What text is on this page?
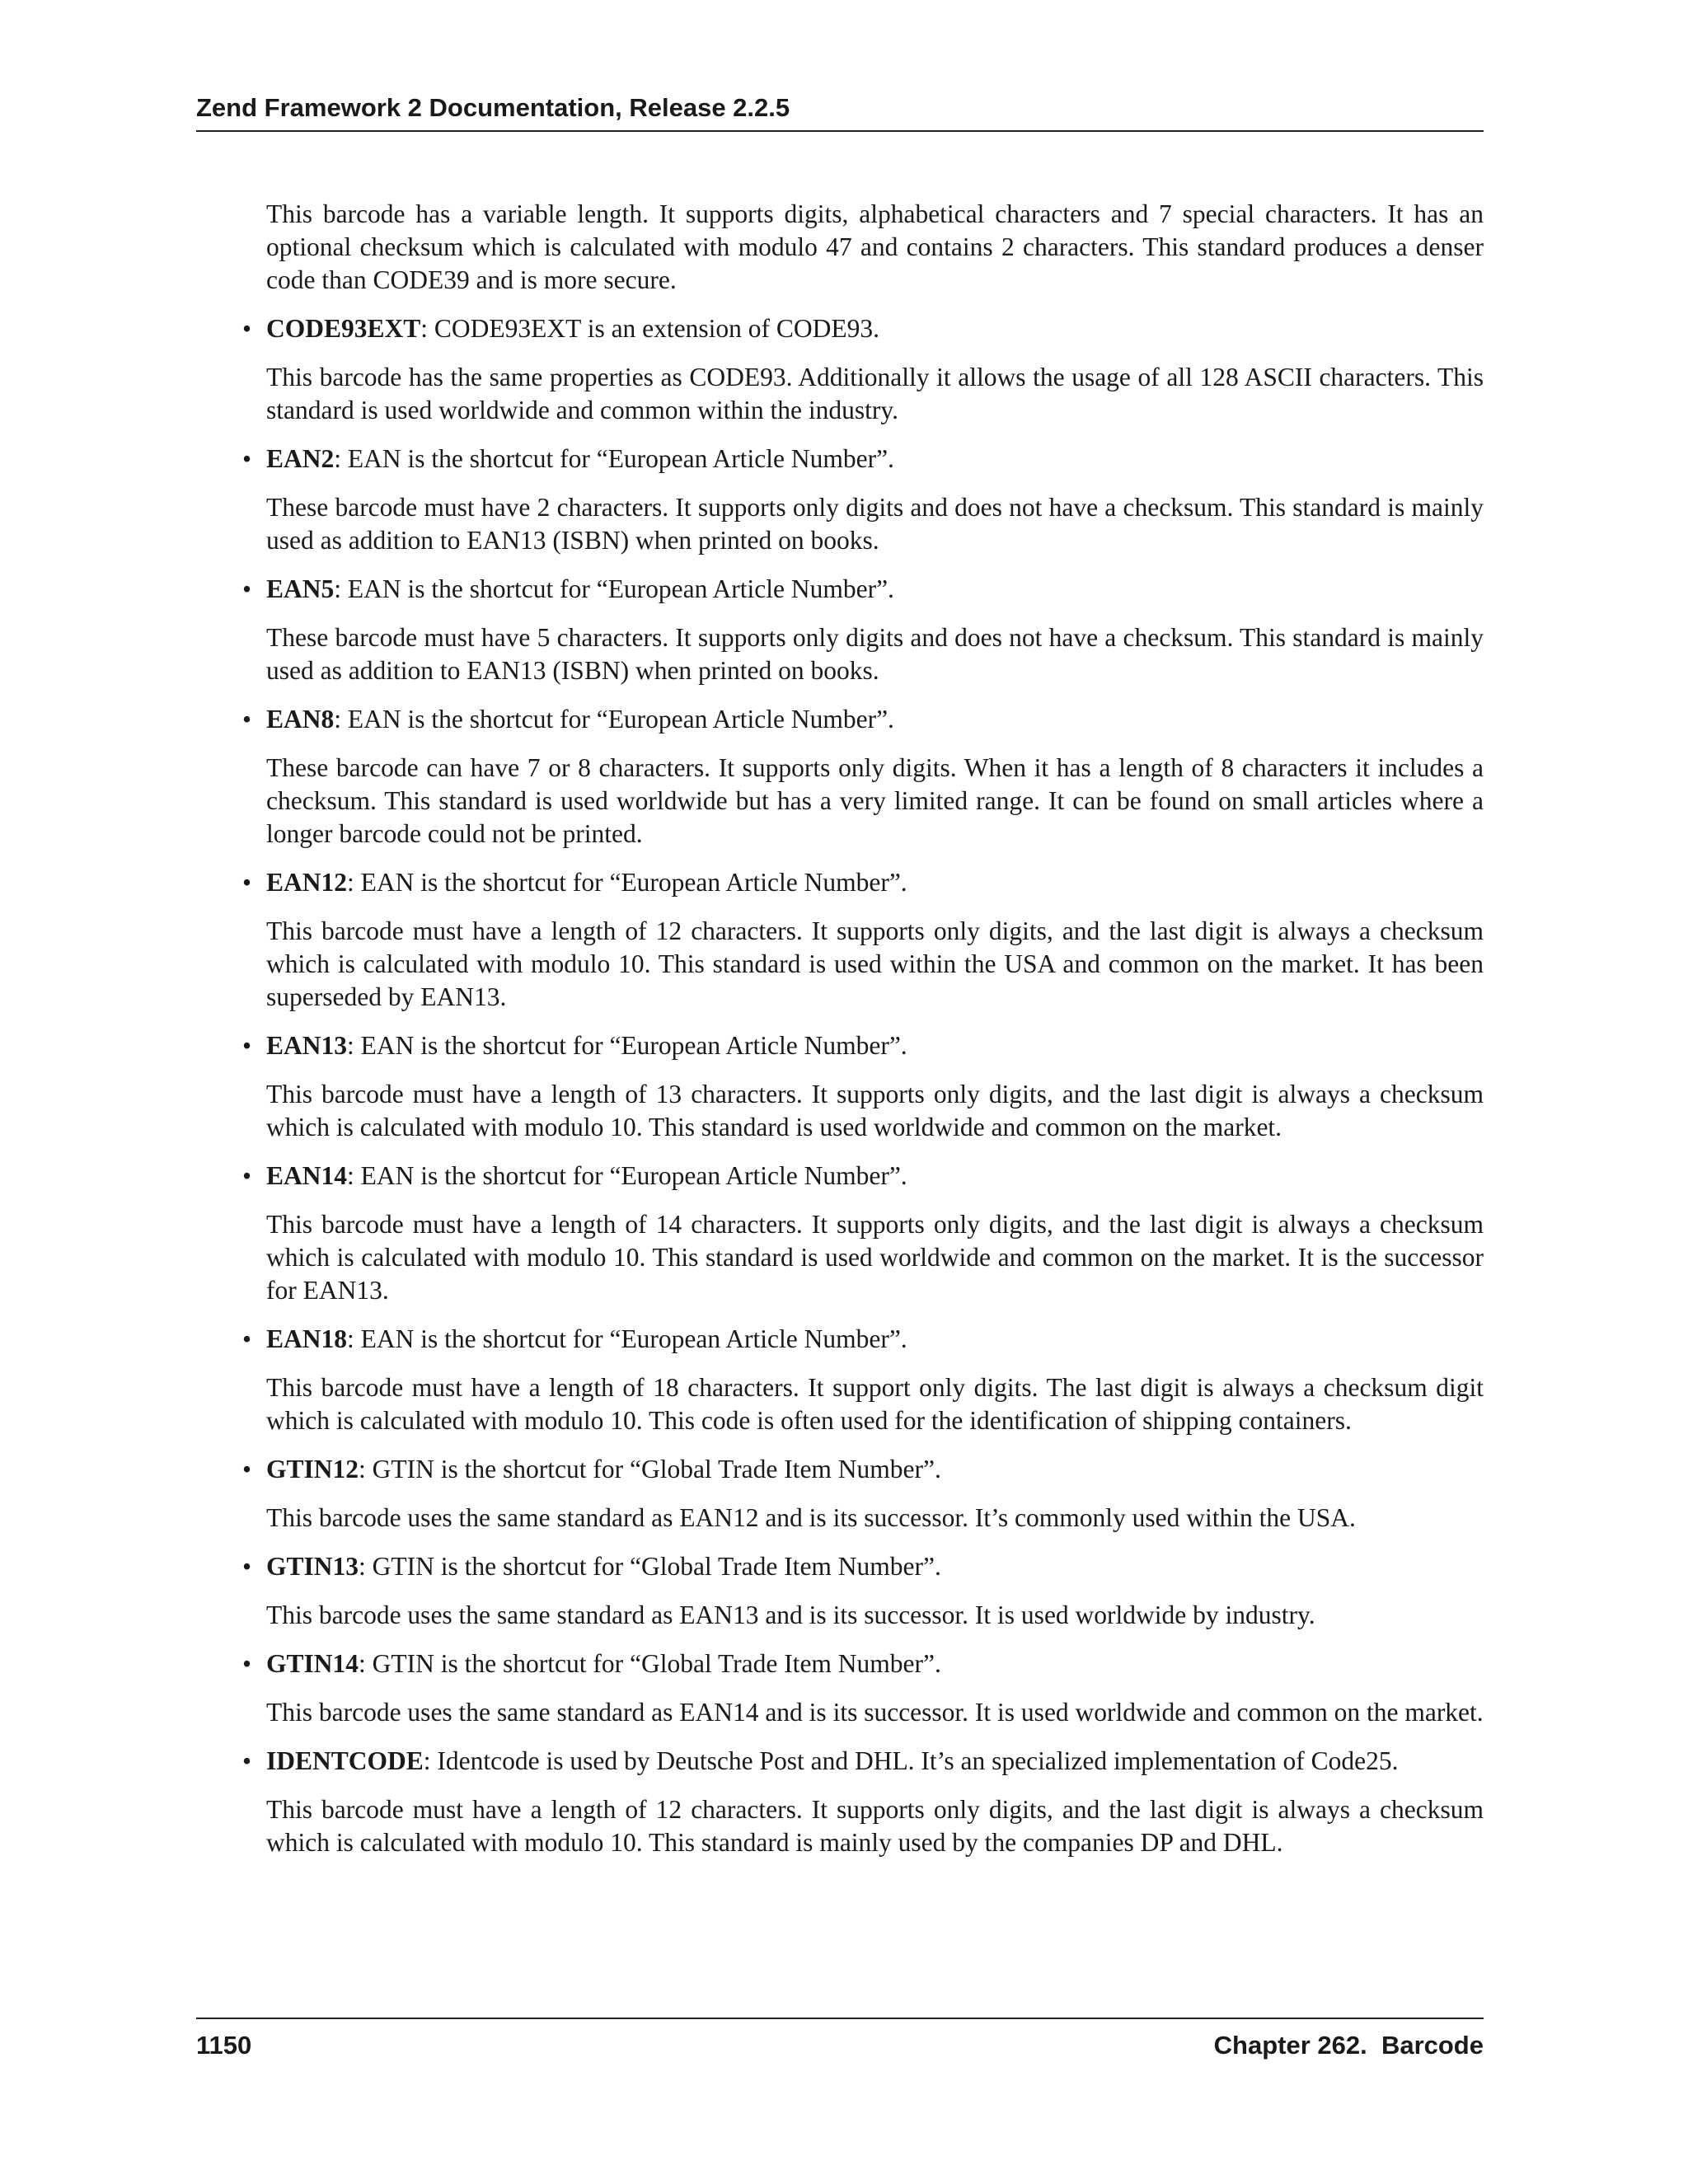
Zend Framework 2 Documentation, Release 2.2.5

This barcode has a variable length. It supports digits, alphabetical characters and 7 special characters. It has an optional checksum which is calculated with modulo 47 and contains 2 characters. This standard produces a denser code than CODE39 and is more secure.

• CODE93EXT: CODE93EXT is an extension of CODE93.

This barcode has the same properties as CODE93. Additionally it allows the usage of all 128 ASCII characters. This standard is used worldwide and common within the industry.

• EAN2: EAN is the shortcut for “European Article Number”.

These barcode must have 2 characters. It supports only digits and does not have a checksum. This standard is mainly used as addition to EAN13 (ISBN) when printed on books.

• EAN5: EAN is the shortcut for “European Article Number”.

These barcode must have 5 characters. It supports only digits and does not have a checksum. This standard is mainly used as addition to EAN13 (ISBN) when printed on books.

• EAN8: EAN is the shortcut for “European Article Number”.

These barcode can have 7 or 8 characters. It supports only digits. When it has a length of 8 characters it includes a checksum. This standard is used worldwide but has a very limited range. It can be found on small articles where a longer barcode could not be printed.

• EAN12: EAN is the shortcut for “European Article Number”.

This barcode must have a length of 12 characters. It supports only digits, and the last digit is always a checksum which is calculated with modulo 10. This standard is used within the USA and common on the market. It has been superseded by EAN13.

• EAN13: EAN is the shortcut for “European Article Number”.

This barcode must have a length of 13 characters. It supports only digits, and the last digit is always a checksum which is calculated with modulo 10. This standard is used worldwide and common on the market.

• EAN14: EAN is the shortcut for “European Article Number”.

This barcode must have a length of 14 characters. It supports only digits, and the last digit is always a checksum which is calculated with modulo 10. This standard is used worldwide and common on the market. It is the successor for EAN13.

• EAN18: EAN is the shortcut for “European Article Number”.

This barcode must have a length of 18 characters. It support only digits. The last digit is always a checksum digit which is calculated with modulo 10. This code is often used for the identification of shipping containers.

• GTIN12: GTIN is the shortcut for “Global Trade Item Number”.

This barcode uses the same standard as EAN12 and is its successor. It’s commonly used within the USA.

• GTIN13: GTIN is the shortcut for “Global Trade Item Number”.

This barcode uses the same standard as EAN13 and is its successor. It is used worldwide by industry.

• GTIN14: GTIN is the shortcut for “Global Trade Item Number”.

This barcode uses the same standard as EAN14 and is its successor. It is used worldwide and common on the market.

• IDENTCODE: Identcode is used by Deutsche Post and DHL. It’s an specialized implementation of Code25.

This barcode must have a length of 12 characters. It supports only digits, and the last digit is always a checksum which is calculated with modulo 10. This standard is mainly used by the companies DP and DHL.

1150	Chapter 262.  Barcode
